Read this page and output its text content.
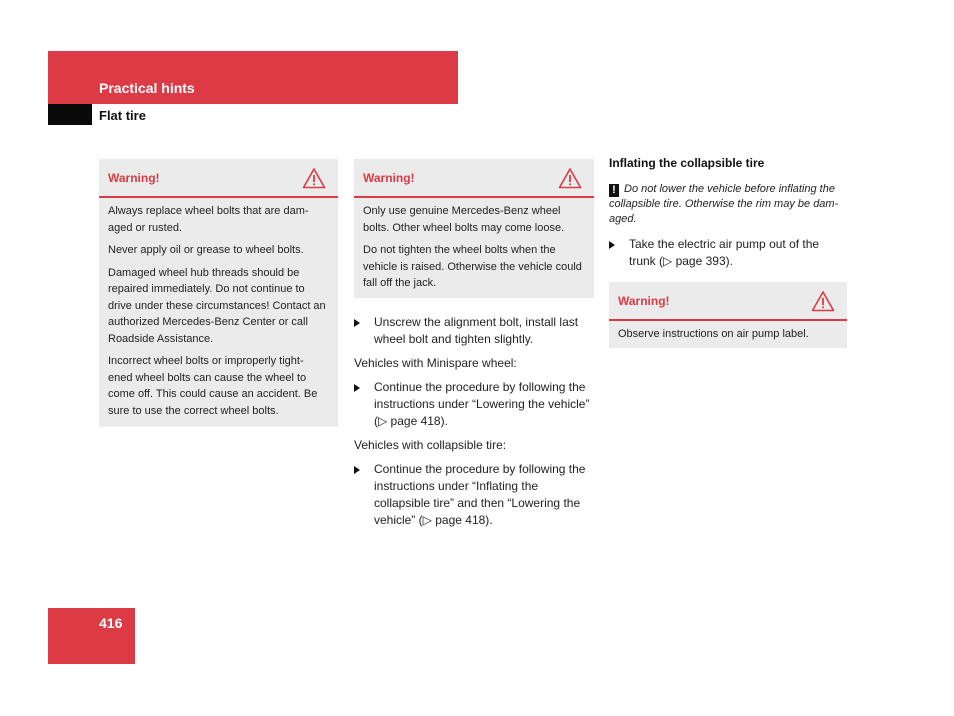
Practical hints
Flat tire
Warning!

Always replace wheel bolts that are dam- aged or rusted.

Never apply oil or grease to wheel bolts.

Damaged wheel hub threads should be repaired immediately. Do not continue to drive under these circumstances! Contact an authorized Mercedes-Benz Center or call Roadside Assistance.

Incorrect wheel bolts or improperly tight- ened wheel bolts can cause the wheel to come off. This could cause an accident. Be sure to use the correct wheel bolts.

Warning!

Only use genuine Mercedes-Benz wheel bolts. Other wheel bolts may come loose.

Do not tighten the wheel bolts when the vehicle is raised. Otherwise the vehicle could fall off the jack.

Unscrew the alignment bolt, install last wheel bolt and tighten slightly.

Vehicles with Minispare wheel:

Continue the procedure by following the instructions under “Lowering the vehicle” (▷ page 418).

Vehicles with collapsible tire:

Continue the procedure by following the instructions under “Inflating the collapsible tire” and then “Lowering the vehicle” (▷ page 418).
Inflating the collapsible tire

! Do not lower the vehicle before inflating the collapsible tire. Otherwise the rim may be dam- aged.

Take the electric air pump out of the trunk (▷ page 393).
Warning!

Observe instructions on air pump label.

416
